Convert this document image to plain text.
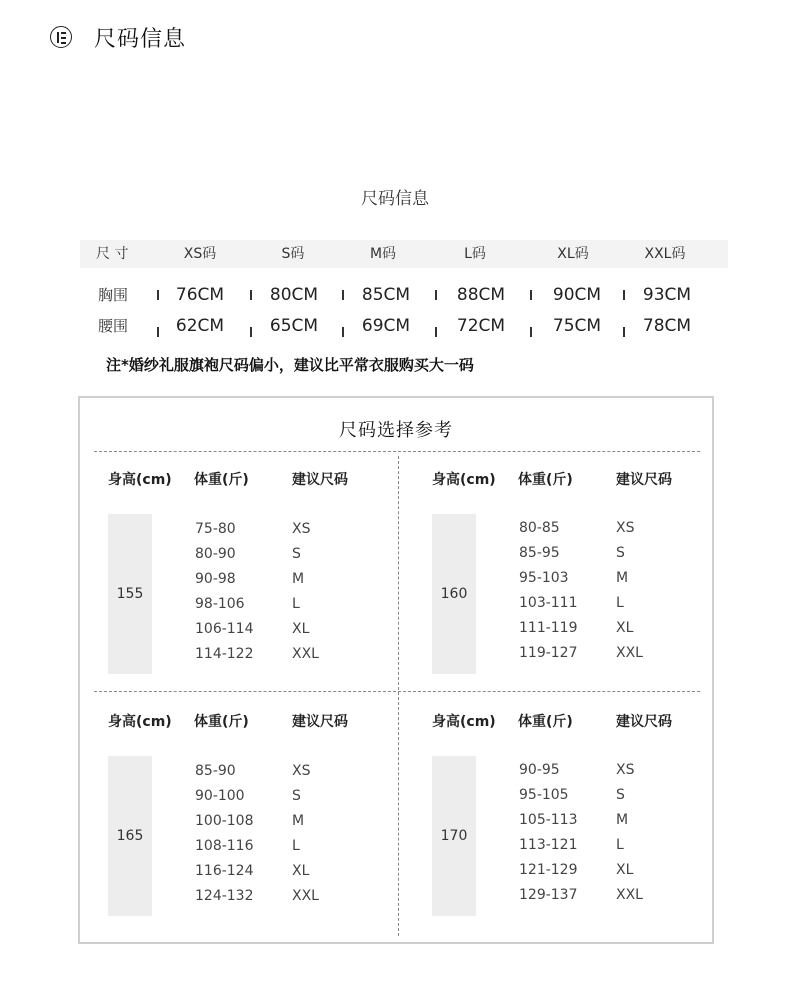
尺码信息
尺码信息
尺 寸	XS码	S码	M码	L码	XL码	XXL码
胸围	76CM	80CM	85CM	88CM	90CM	93CM
腰围	62CM	65CM	69CM	72CM	75CM	78CM
注*婚纱礼服旗袍尺码偏小，建议比平常衣服购买大一码
尺码选择参考
身高(cm) 体重(斤)	建议尺码
155
75-80	XS
80-90	S
90-98	M
98-106	L
106-114	XL
114-122	XXL
身高(cm) 体重(斤)	建议尺码
160
80-85	XS
85-95	S
95-103	M
103-111	L
111-119	XL
119-127	XXL
身高(cm) 体重(斤)	建议尺码
165
85-90	XS
90-100	S
100-108	M
108-116	L
116-124	XL
124-132	XXL
身高(cm) 体重(斤)	建议尺码
170
90-95	XS
95-105	S
105-113	M
113-121	L
121-129	XL
129-137	XXL
